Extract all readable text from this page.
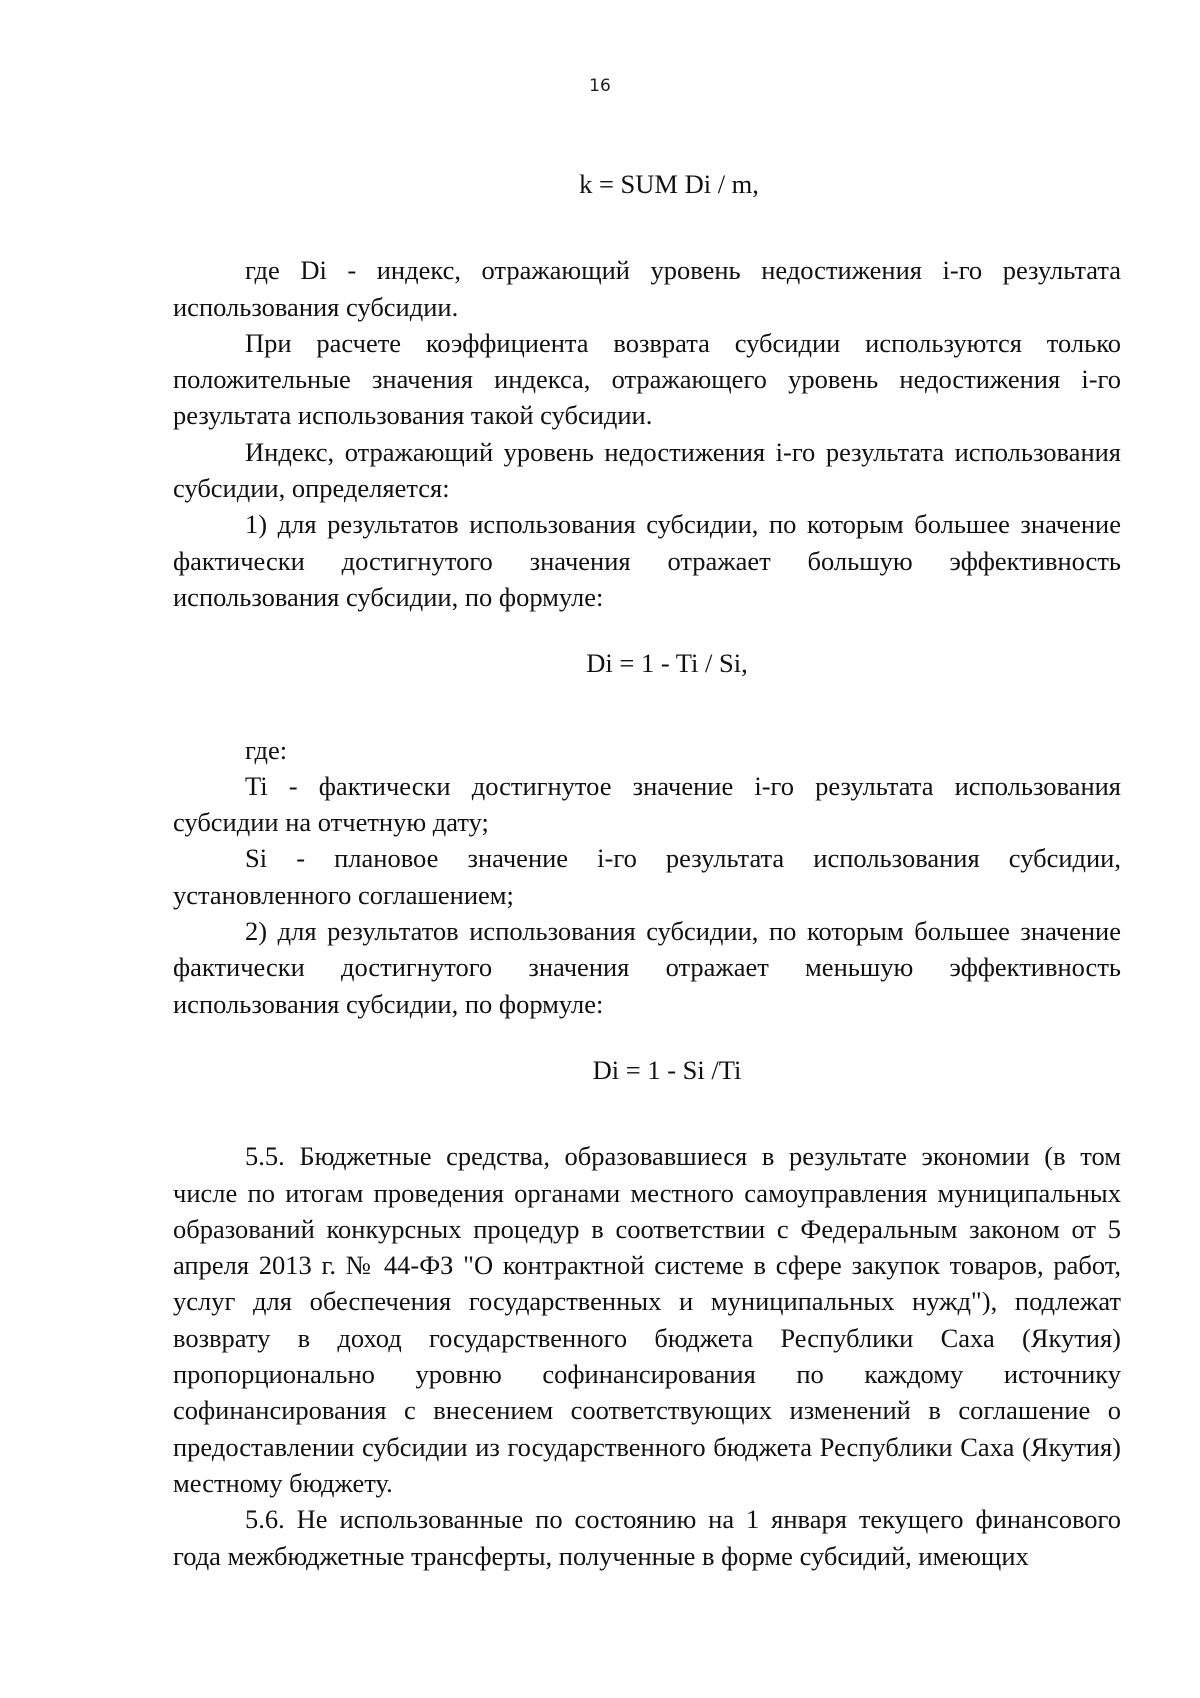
16
k = SUM Di / m,

где Di - индекс, отражающий уровень недостижения i-го результата использования субсидии.

При расчете коэффициента возврата субсидии используются только положительные значения индекса, отражающего уровень недостижения i-го результата использования такой субсидии.

Индекс, отражающий уровень недостижения i-го результата использования субсидии, определяется:

1) для результатов использования субсидии, по которым большее значение фактически достигнутого значения отражает большую эффективность использования субсидии, по формуле:

Di = 1 - Ti / Si,

где:

Ti - фактически достигнутое значение i-го результата использования субсидии на отчетную дату;

Si - плановое значение i-го результата использования субсидии, установленного соглашением;

2) для результатов использования субсидии, по которым большее значение фактически достигнутого значения отражает меньшую эффективность использования субсидии, по формуле:

Di = 1 - Si /Ti

5.5. Бюджетные средства, образовавшиеся в результате экономии (в том числе по итогам проведения органами местного самоуправления муниципальных образований конкурсных процедур в соответствии с Федеральным законом от 5 апреля 2013 г. № 44-ФЗ "О контрактной системе в сфере закупок товаров, работ, услуг для обеспечения государственных и муниципальных нужд"), подлежат возврату в доход государственного бюджета Республики Саха (Якутия) пропорционально уровню софинансирования по каждому источнику софинансирования с внесением соответствующих изменений в соглашение о предоставлении субсидии из государственного бюджета Республики Саха (Якутия) местному бюджету.

5.6. Не использованные по состоянию на 1 января текущего финансового года межбюджетные трансферты, полученные в форме субсидий, имеющих
